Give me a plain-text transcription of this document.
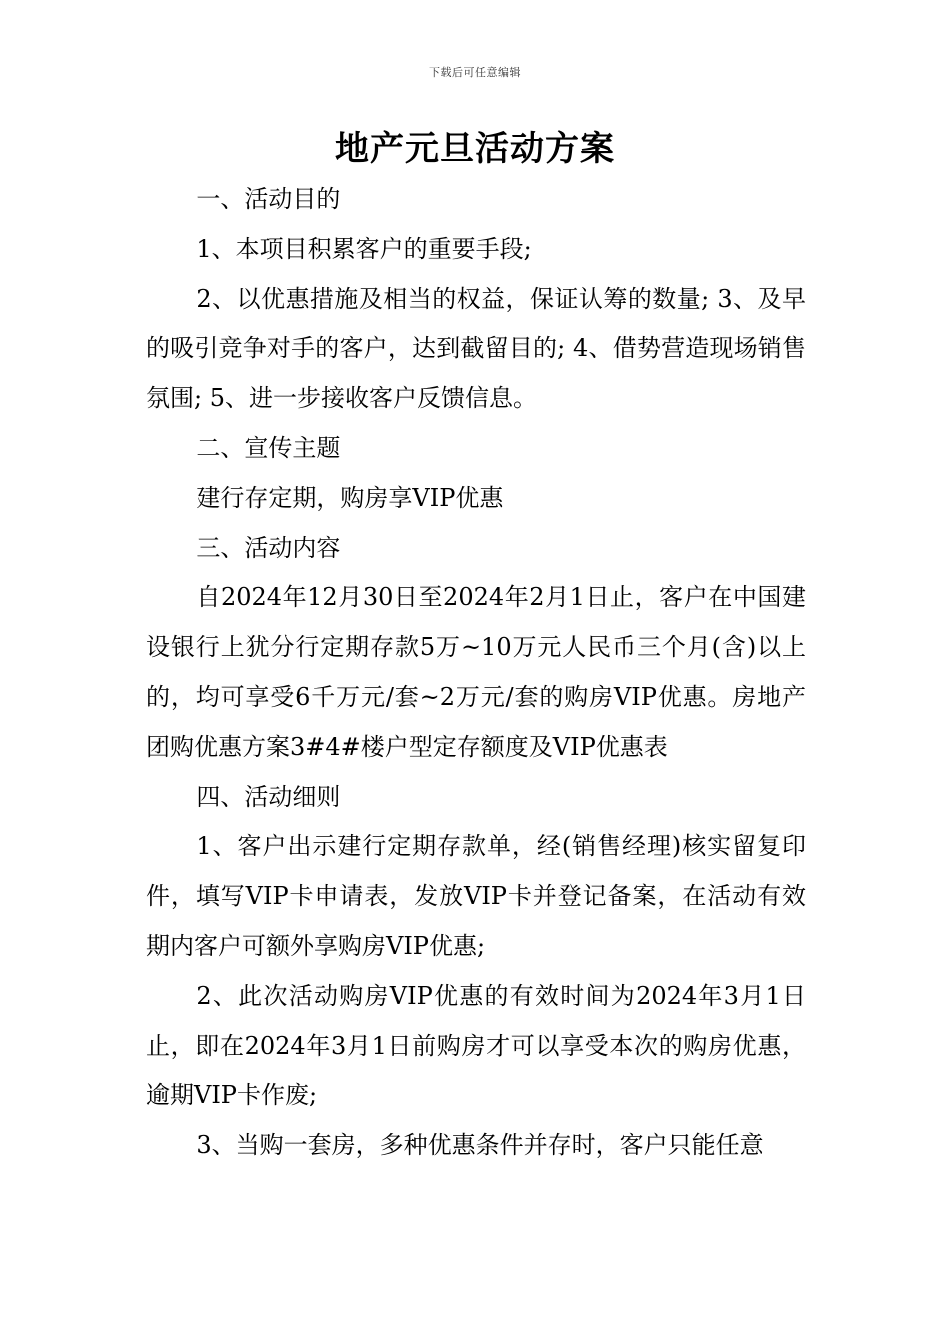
下载后可任意编辑
地产元旦活动方案

一、活动目的

1、本项目积累客户的重要手段;

2、以优惠措施及相当的权益，保证认筹的数量; 3、及早的吸引竞争对手的客户，达到截留目的; 4、借势营造现场销售氛围; 5、进一步接收客户反馈信息。

二、宣传主题

建行存定期，购房享VIP优惠

三、活动内容

自2024年12月30日至2024年2月1日止，客户在中国建设银行上犹分行定期存款5万~10万元人民币三个月(含)以上的，均可享受6千万元/套~2万元/套的购房VIP优惠。房地产团购优惠方案3#4#楼户型定存额度及VIP优惠表

四、活动细则

1、客户出示建行定期存款单，经(销售经理)核实留复印件，填写VIP卡申请表，发放VIP卡并登记备案，在活动有效期内客户可额外享购房VIP优惠;

2、此次活动购房VIP优惠的有效时间为2024年3月1日止，即在2024年3月1日前购房才可以享受本次的购房优惠，逾期VIP卡作废;

3、当购一套房，多种优惠条件并存时，客户只能任意
